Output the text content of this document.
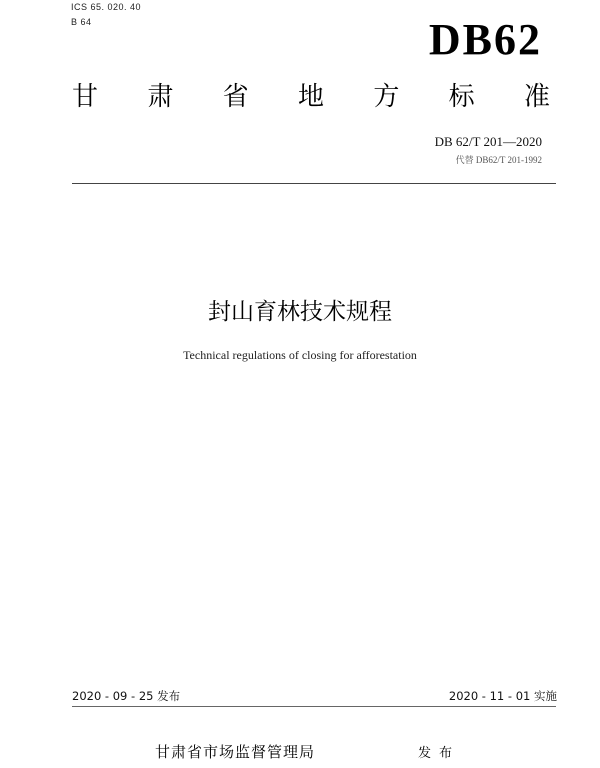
ICS 65. 020. 40
B 64	DB62
甘 肃 省 地 方 标 准
DB 62/T 201—2020
代替 DB62/T 201-1992
封山育林技术规程
Technical regulations of closing for afforestation
2020 - 09 - 25 发布	2020 - 11 - 01 实施
甘肃省市场监督管理局	发布
